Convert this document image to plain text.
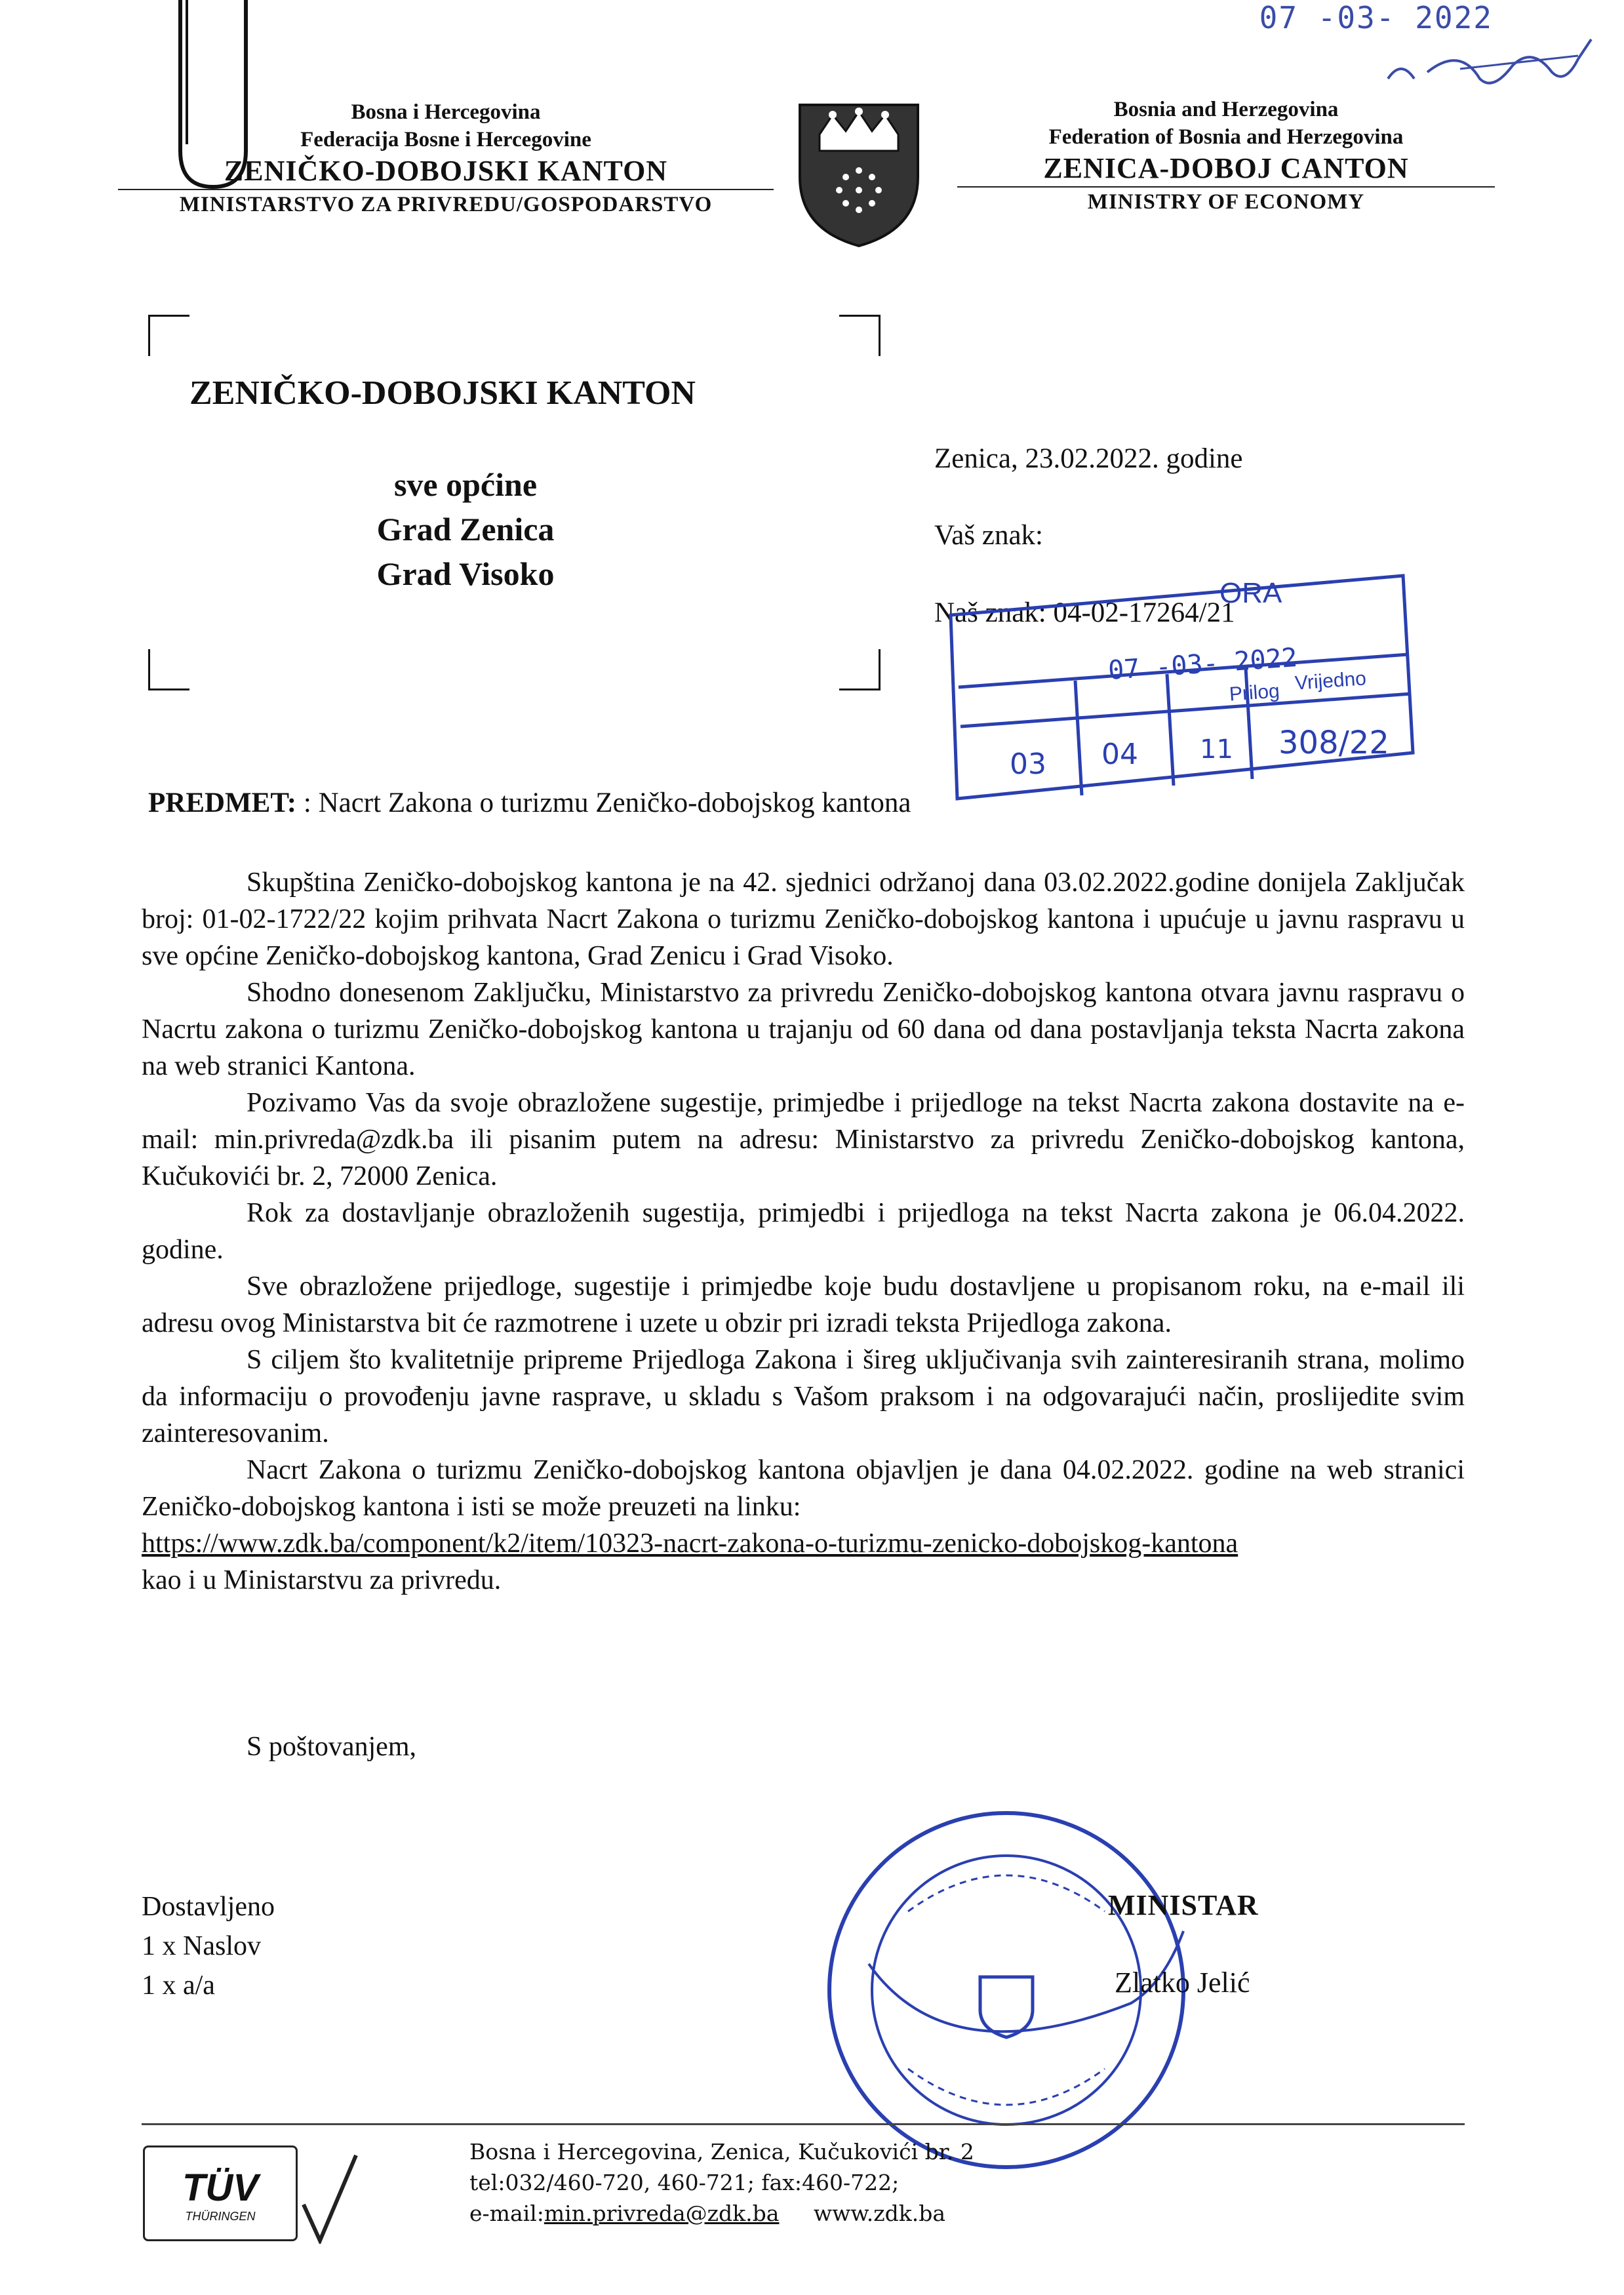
07 -03- 2022
Bosna i Hercegovina
Federacija Bosne i Hercegovine
ZENIČKO-DOBOJSKI KANTON
MINISTARSTVO ZA PRIVREDU/GOSPODARSTVO
Bosnia and Herzegovina
Federation of Bosnia and Herzegovina
ZENICA-DOBOJ CANTON
MINISTRY OF ECONOMY
ZENIČKO-DOBOJSKI KANTON
sve općine
Grad Zenica
Grad Visoko
Zenica, 23.02.2022. godine
Vaš znak:
Naš znak: 04-02-17264/21
ORA
07 -03- 2022
Prilog Vrijedno
03 04 11 308/22
PREDMET: : Nacrt Zakona o turizmu Zeničko-dobojskog kantona

Skupština Zeničko-dobojskog kantona je na 42. sjednici održanoj dana 03.02.2022.godine donijela Zaključak broj: 01-02-1722/22 kojim prihvata Nacrt Zakona o turizmu Zeničko-dobojskog kantona i upućuje u javnu raspravu u sve općine Zeničko-dobojskog kantona, Grad Zenicu i Grad Visoko.

Shodno donesenom Zaključku, Ministarstvo za privredu Zeničko-dobojskog kantona otvara javnu raspravu o Nacrtu zakona o turizmu Zeničko-dobojskog kantona u trajanju od 60 dana od dana postavljanja teksta Nacrta zakona na web stranici Kantona.

Pozivamo Vas da svoje obrazložene sugestije, primjedbe i prijedloge na tekst Nacrta zakona dostavite na e-mail: min.privreda@zdk.ba ili pisanim putem na adresu: Ministarstvo za privredu Zeničko-dobojskog kantona, Kučukovići br. 2, 72000 Zenica.

Rok za dostavljanje obrazloženih sugestija, primjedbi i prijedloga na tekst Nacrta zakona je 06.04.2022. godine.

Sve obrazložene prijedloge, sugestije i primjedbe koje budu dostavljene u propisanom roku, na e-mail ili adresu ovog Ministarstva bit će razmotrene i uzete u obzir pri izradi teksta Prijedloga zakona.

S ciljem što kvalitetnije pripreme Prijedloga Zakona i šireg uključivanja svih zainteresiranih strana, molimo da informaciju o provođenju javne rasprave, u skladu s Vašom praksom i na odgovarajući način, proslijedite svim zainteresovanim.

Nacrt Zakona o turizmu Zeničko-dobojskog kantona objavljen je dana 04.02.2022. godine na web stranici Zeničko-dobojskog kantona i isti se može preuzeti na linku:

https://www.zdk.ba/component/k2/item/10323-nacrt-zakona-o-turizmu-zenicko-dobojskog-kantona

kao i u Ministarstvu za privredu.

S poštovanjem,
Dostavljeno
1 x Naslov
1 x a/a
MINISTAR
Zlatko Jelić
TÜV
THÜRINGEN
Bosna i Hercegovina, Zenica, Kučukovići br. 2
tel:032/460-720, 460-721; fax:460-722;
e-mail:min.privreda@zdk.ba www.zdk.ba
